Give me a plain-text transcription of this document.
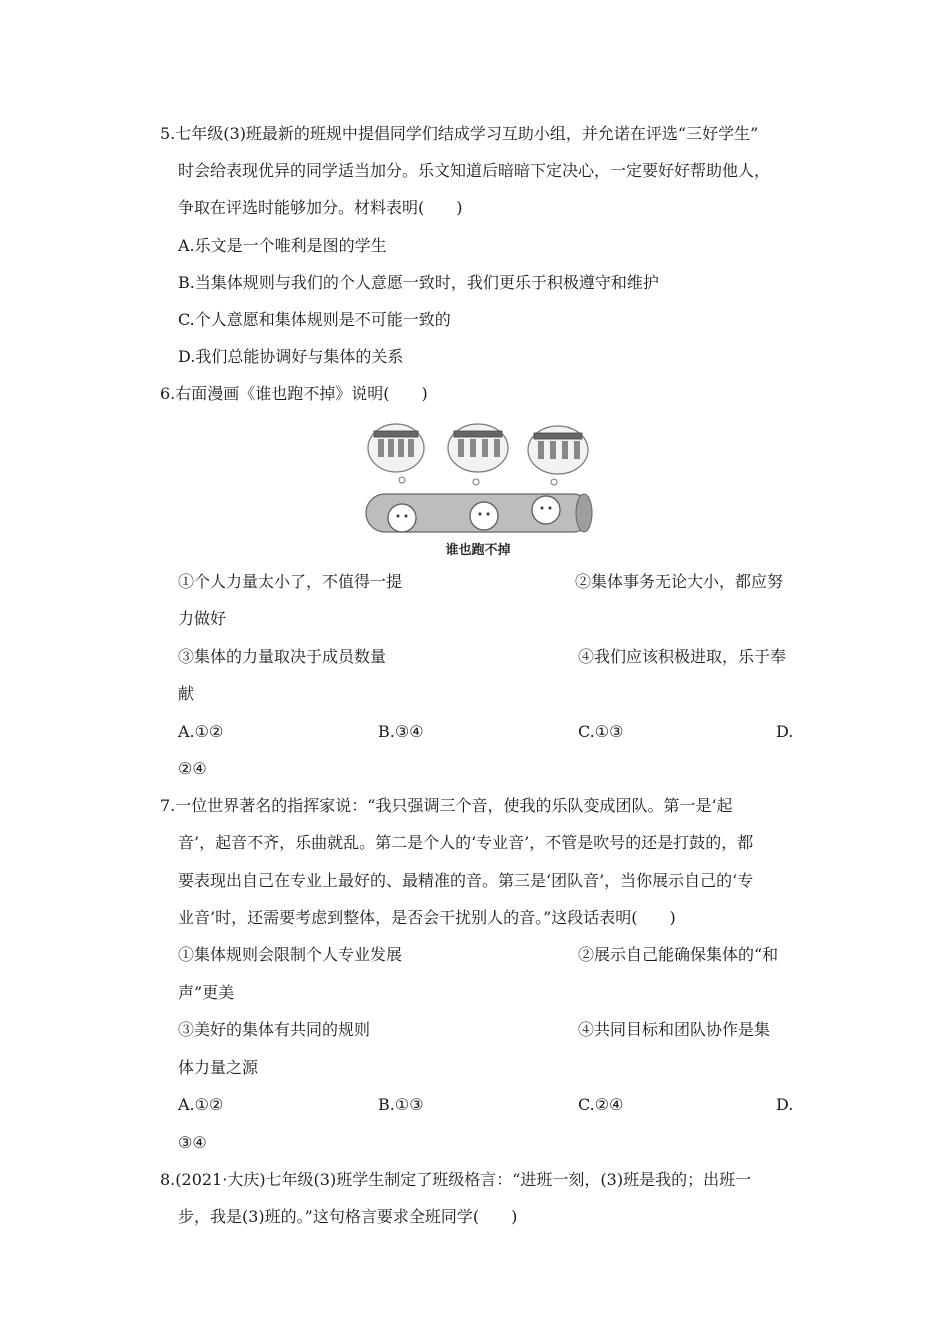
5.七年级(3)班最新的班规中提倡同学们结成学习互助小组，并允诺在评选“三好学生”
时会给表现优异的同学适当加分。乐文知道后暗暗下定决心，一定要好好帮助他人，
争取在评选时能够加分。材料表明(　　)
A.乐文是一个唯利是图的学生
B.当集体规则与我们的个人意愿一致时，我们更乐于积极遵守和维护
C.个人意愿和集体规则是不可能一致的
D.我们总能协调好与集体的关系
6.右面漫画《谁也跑不掉》说明(　　)
谁也跑不掉
①个人力量太小了，不值得一提	②集体事务无论大小，都应努
力做好
③集体的力量取决于成员数量	④我们应该积极进取，乐于奉
献
A.①②	B.③④	C.①③	D.
②④
7.一位世界著名的指挥家说：“我只强调三个音，使我的乐队变成团队。第一是‘起
音’，起音不齐，乐曲就乱。第二是个人的‘专业音’，不管是吹号的还是打鼓的，都
要表现出自己在专业上最好的、最精准的音。第三是‘团队音’，当你展示自己的‘专
业音’时，还需要考虑到整体，是否会干扰别人的音。”这段话表明(　　)
①集体规则会限制个人专业发展	②展示自己能确保集体的“和
声”更美
③美好的集体有共同的规则	④共同目标和团队协作是集
体力量之源
A.①②	B.①③	C.②④	D.
③④
8.(2021·大庆)七年级(3)班学生制定了班级格言：“进班一刻，(3)班是我的；出班一
步，我是(3)班的。”这句格言要求全班同学(　　)
